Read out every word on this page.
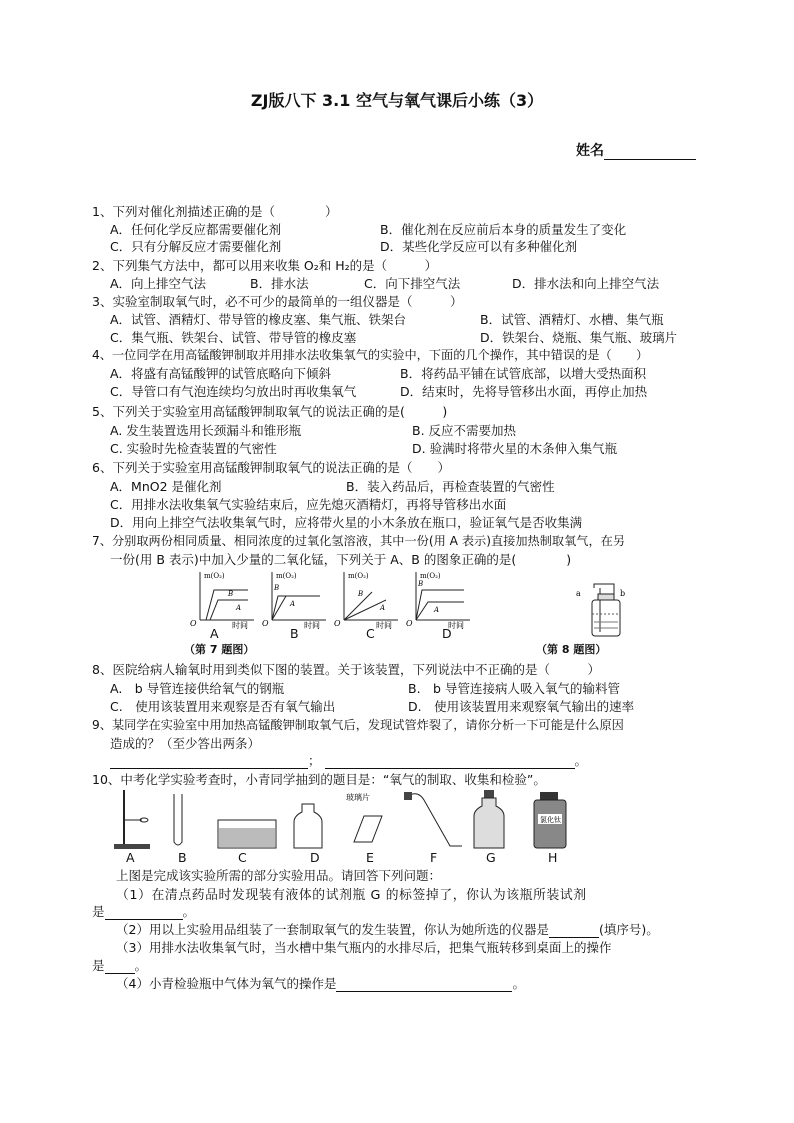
ZJ版八下 3.1 空气与氧气课后小练（3）
姓名
1、下列对催化剂描述正确的是（　　　　）
A．任何化学反应都需要催化剂	B．催化剂在反应前后本身的质量发生了变化
C．只有分解反应才需要催化剂	D．某些化学反应可以有多种催化剂
2、下列集气方法中，都可以用来收集 O₂和 H₂的是（　　　）
A．向上排空气法	B．排水法	C．向下排空气法	D．排水法和向上排空气法
3、实验室制取氧气时，必不可少的最简单的一组仪器是（　　　）
A．试管、酒精灯、带导管的橡皮塞、集气瓶、铁架台	B．试管、酒精灯、水槽、集气瓶
C．集气瓶、铁架台、试管、带导管的橡皮塞	D．铁架台、烧瓶、集气瓶、玻璃片
4、一位同学在用高锰酸钾制取并用排水法收集氧气的实验中，下面的几个操作，其中错误的是（　　）
A．将盛有高锰酸钾的试管底略向下倾斜	B．将药品平铺在试管底部，以增大受热面积
C．导管口有气泡连续均匀放出时再收集氧气	D．结束时，先将导管移出水面，再停止加热
5、下列关于实验室用高锰酸钾制取氧气的说法正确的是(　　　)
A. 发生装置选用长颈漏斗和锥形瓶	B. 反应不需要加热
C. 实验时先检查装置的气密性	D. 验满时将带火星的木条伸入集气瓶
6、下列关于实验室用高锰酸钾制取氧气的说法正确的是（　　）
A．MnO2 是催化剂	B．装入药品后，再检查装置的气密性
C．用排水法收集氧气实验结束后，应先熄灭酒精灯，再将导管移出水面
D．用向上排空气法收集氧气时，应将带火星的小木条放在瓶口，验证氧气是否收集满
7、分别取两份相同质量、相同浓度的过氧化氢溶液，其中一份(用 A 表示)直接加热制取氧气，在另
一份(用 B 表示)中加入少量的二氧化锰，下列关于 A、B 的图象正确的是(　　　　)
m(O₂)
O	时间
B
A
m(O₂)
O	时间
B
A
m(O₂)
O	时间
B
A
m(O₂)
O	时间
B
A
A	B	C	D
（第 7 题图）
a	b
（第 8 题图）
8、医院给病人输氧时用到类似下图的装置。关于该装置，下列说法中不正确的是（　　　）
A.　b 导管连接供给氧气的钢瓶	B.　b 导管连接病人吸入氧气的输料管
C.　使用该装置用来观察是否有氧气输出	D.　使用该装置用来观察氧气输出的速率
9、某同学在实验室中用加热高锰酸钾制取氧气后，发现试管炸裂了，请你分析一下可能是什么原因
造成的？（至少答出两条）
；	。
10、中考化学实验考查时，小青同学抽到的题目是：“氧气的制取、收集和检验”。
玻璃片
氯化钛
A	B	C	D	E	F	G	H
上图是完成该实验所需的部分实验用品。请回答下列问题：
（1）在清点药品时发现装有液体的试剂瓶 G 的标签掉了，你认为该瓶所装试剂
是	。
（2）用以上实验用品组装了一套制取氧气的发生装置，你认为她所选的仪器是	(填序号)。
（3）用排水法收集氧气时，当水槽中集气瓶内的水排尽后，把集气瓶转移到桌面上的操作
是 。
（4）小青检验瓶中气体为氧气的操作是	。
